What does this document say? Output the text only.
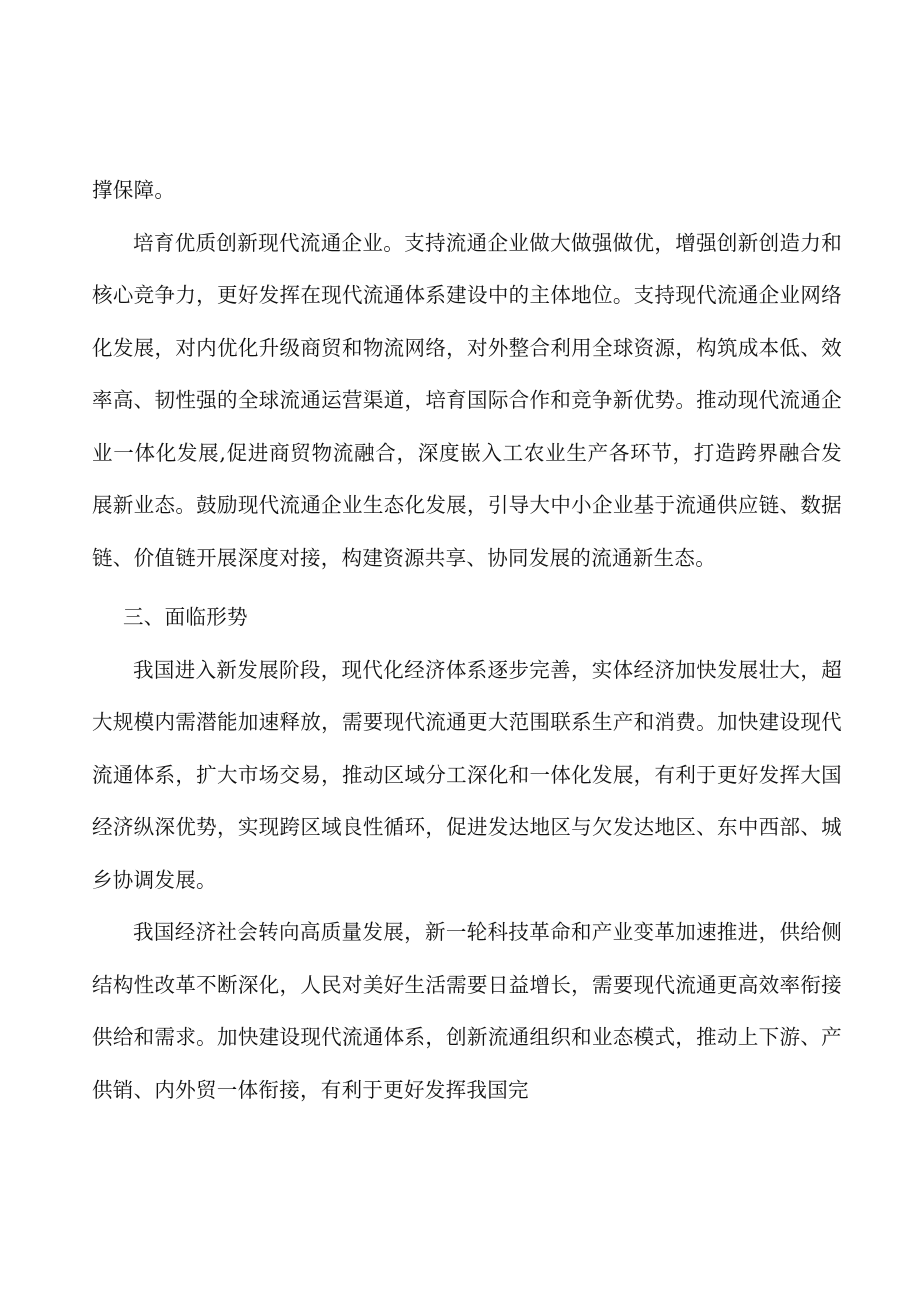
撑保障。

培育优质创新现代流通企业。支持流通企业做大做强做优，增强创新创造力和核心竞争力，更好发挥在现代流通体系建设中的主体地位。支持现代流通企业网络化发展，对内优化升级商贸和物流网络，对外整合利用全球资源，构筑成本低、效率高、韧性强的全球流通运营渠道，培育国际合作和竞争新优势。推动现代流通企业一体化发展,促进商贸物流融合，深度嵌入工农业生产各环节，打造跨界融合发展新业态。鼓励现代流通企业生态化发展，引导大中小企业基于流通供应链、数据链、价值链开展深度对接，构建资源共享、协同发展的流通新生态。

三、面临形势

我国进入新发展阶段，现代化经济体系逐步完善，实体经济加快发展壮大，超大规模内需潜能加速释放，需要现代流通更大范围联系生产和消费。加快建设现代流通体系，扩大市场交易，推动区域分工深化和一体化发展，有利于更好发挥大国经济纵深优势，实现跨区域良性循环，促进发达地区与欠发达地区、东中西部、城乡协调发展。

我国经济社会转向高质量发展，新一轮科技革命和产业变革加速推进，供给侧结构性改革不断深化，人民对美好生活需要日益增长，需要现代流通更高效率衔接供给和需求。加快建设现代流通体系，创新流通组织和业态模式，推动上下游、产供销、内外贸一体衔接，有利于更好发挥我国完
